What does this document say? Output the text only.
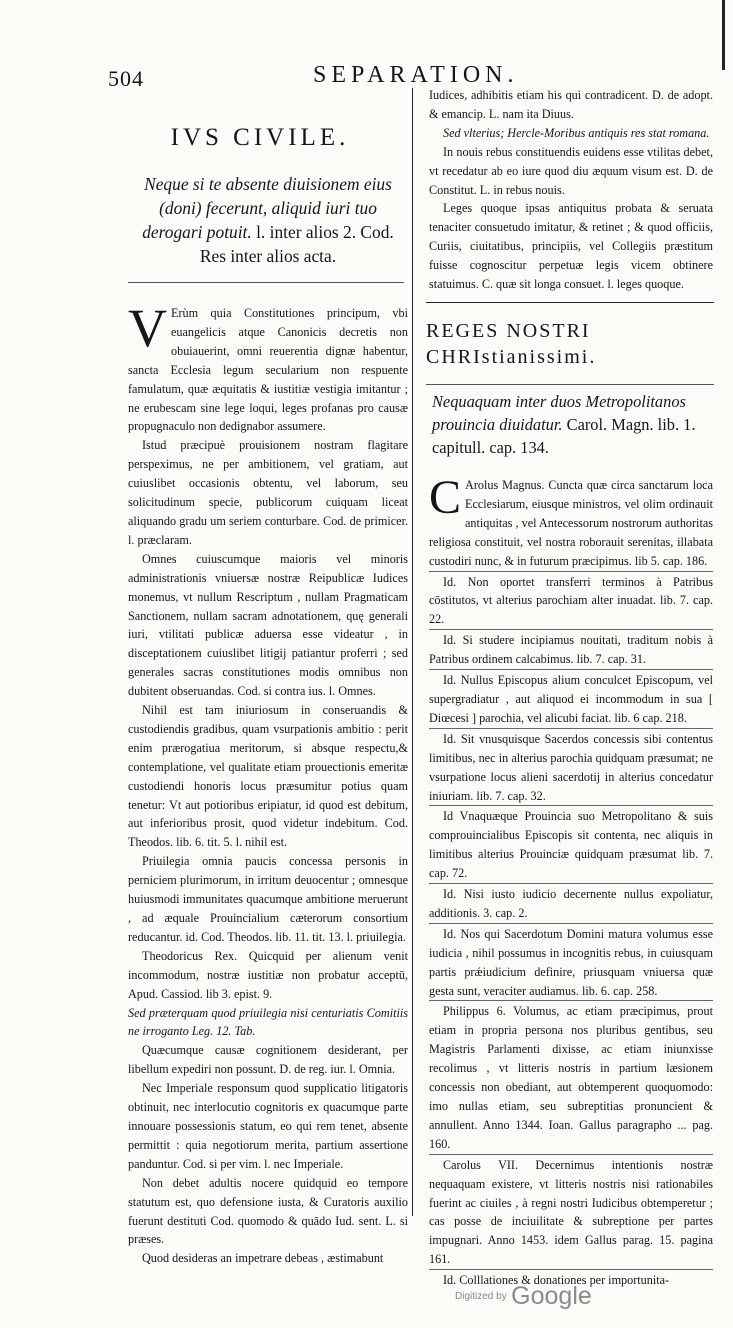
504	SEPARATION.
IVS CIVILE.
Neque si te absente diuisionem eius (doni) fecerunt, aliquid iuri tuo derogari potuit. l. inter alios 2. Cod. Res inter alios acta.

V Erùm quia Constitutiones principum, vbi euangelicis atque Canonicis decretis non obuiauerint, omni reuerentia dignæ habentur, sancta Ecclesia legum secularium non respuente famulatum, quæ æquitatis & iustitiæ vestigia imitantur ; ne erubescam sine lege loqui, leges profanas pro causæ propugnaculo non dedignabor assumere.

Istud præcipuè prouisionem nostram flagitare perspeximus, ne per ambitionem, vel gratiam, aut cuiuslibet occasionis obtentu, vel laborum, seu solicitudinum specie, publicorum cuiquam liceat aliquando gradu um seriem conturbare. Cod. de primicer. l. præclaram.

Omnes cuiuscumque maioris vel minoris administrationis vniuersæ nostræ Reipublicæ Iudices monemus, vt nullum Rescriptum , nullam Pragmaticam Sanctionem, nullam sacram adnotationem, quę generali iuri, vtilitati publicæ aduersa esse videatur , in disceptationem cuiuslibet litigij patiantur proferri ; sed generales sacras constitutiones modis omnibus non dubitent obseruandas. Cod. si contra ius. l. Omnes.

Nihil est tam iniuriosum in conseruandis & custodiendis gradibus, quam vsurpationis ambitio : perit enim prærogatiua meritorum, si absque respectu,& contemplatione, vel qualitate etiam prouectionis emeritæ custodiendi honoris locus præsumitur potius quam tenetur: Vt aut potioribus eripiatur, id quod est debitum, aut inferioribus prosit, quod videtur indebitum. Cod. Theodos. lib. 6. tit. 5. l. nihil est.

Priuilegia omnia paucis concessa personis in perniciem plurimorum, in irritum deuocentur ; omnesque huiusmodi immunitates quacumque ambitione meruerunt , ad æquale Prouincialium cæterorum consortium reducantur. id. Cod. Theodos. lib. 11. tit. 13. l. priuilegia.

Theodoricus Rex. Quicquid per alienum venit incommodum, nostræ iustitiæ non probatur acceptū, Apud. Cassiod. lib 3. epist. 9.

Sed præterquam quod priuilegia nisi centuriatis Comitiis ne irroganto Leg. 12. Tab.

Quæcumque causæ cognitionem desiderant, per libellum expediri non possunt. D. de reg. iur. l. Omnia.

Nec Imperiale responsum quod supplicatio litigatoris obtinuit, nec interlocutio cognitoris ex quacumque parte innouare possessionis statum, eo qui rem tenet, absente permittit : quia negotiorum merita, partium assertione panduntur. Cod. si per vim. l. nec Imperiale.

Non debet adultis nocere quidquid eo tempore statutum est, quo defensione iusta, & Curatoris auxilio fuerunt destituti Cod. quomodo & quādo Iud. sent. L. si præses.

Quod desideras an impetrare debeas , æstimabunt

Iudices, adhibitis etiam his qui contradicent. D. de adopt. & emancip. L. nam ita Diuus.

Sed vlterius; Hercle-Moribus antiquis res stat romana.

In nouis rebus constituendis euidens esse vtilitas debet, vt recedatur ab eo iure quod diu æquum visum est. D. de Constitut. L. in rebus nouis.

Leges quoque ipsas antiquitus probata & seruata tenaciter consuetudo imitatur, & retinet ; & quod officiis, Curiis, ciuitatibus, principiis, vel Collegiis præstitum fuisse cognoscitur perpetuæ legis vicem obtinere statuimus. C. quæ sit longa consuet. l. leges quoque.

REGES NOSTRI CHRIstianissimi.
Nequaquam inter duos Metropolitanos prouincia diuidatur. Carol. Magn. lib. 1. capitull. cap. 134.

C Arolus Magnus. Cuncta quæ circa sanctarum loca Ecclesiarum, eiusque ministros, vel olim ordinauit antiquitas , vel Antecessorum nostrorum authoritas religiosa constituit, vel nostra roborauit serenitas, illabata custodiri nunc, & in futurum præcipimus. lib 5. cap. 186.

Id. Non oportet transferri terminos à Patribus cōstitutos, vt alterius parochiam alter inuadat. lib. 7. cap. 22.

Id. Si studere incipiamus nouitati, traditum nobis à Patribus ordinem calcabimus. lib. 7. cap. 31.

Id. Nullus Episcopus alium conculcet Episcopum, vel supergradiatur , aut aliquod ei incommodum in sua [ Diœcesi ] parochia, vel alicubi faciat. lib. 6 cap. 218.

Id. Sit vnusquisque Sacerdos concessis sibi contentus limitibus, nec in alterius parochia quidquam præsumat; ne vsurpatione locus alieni sacerdotij in alterius concedatur iniuriam. lib. 7. cap. 32.

Id Vnaquæque Prouincia suo Metropolitano & suis comprouincialibus Episcopis sit contenta, nec aliquis in limitibus alterius Prouinciæ quidquam præsumat lib. 7. cap. 72.

Id. Nisi iusto iudicio decernente nullus expoliatur, additionis. 3. cap. 2.

Id. Nos qui Sacerdotum Domini matura volumus esse iudicia , nihil possumus in incognitis rebus, in cuiusquam partis prǽiudicium definire, priusquam vniuersa quæ gesta sunt, veraciter audiamus. lib. 6. cap. 258.

Philippus 6. Volumus, ac etiam præcipimus, prout etiam in propria persona nos pluribus gentibus, seu Magistris Parlamenti dixisse, ac etiam iniunxisse recolimus , vt litteris nostris in partium læsionem concessis non obediant, aut obtemperent quoquomodo: imo nullas etiam, seu subreptitias pronuncient & annullent. Anno 1344. Ioan. Gallus paragrapho ... pag. 160.

Carolus VII. Decernimus intentionis nostræ nequaquam existere, vt litteris nostris nisi rationabiles fuerint ac ciuiles , à regni nostri Iudicibus obtemperetur ; cas posse de inciuilitate & subreptione per partes impugnari. Anno 1453. idem Gallus parag. 15. pagina 161.

Id. Colllationes & donationes per importunita-

Digitized by Google
